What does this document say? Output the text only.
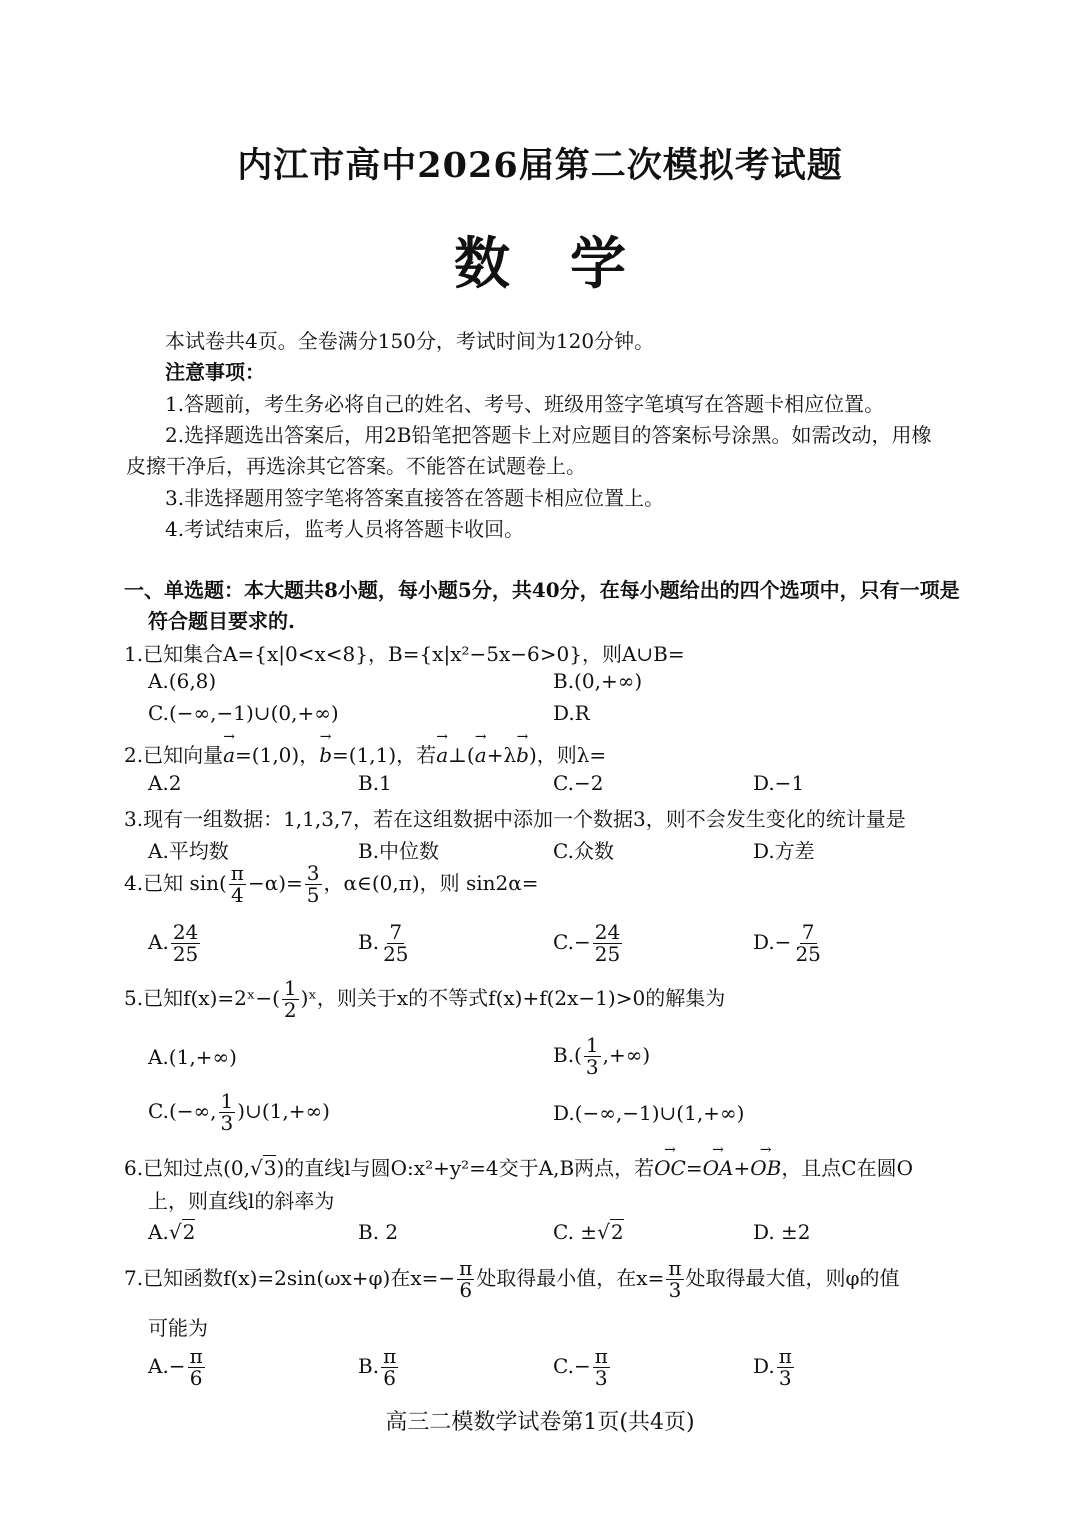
内江市高中2026届第二次模拟考试题
数学
本试卷共4页。全卷满分150分，考试时间为120分钟。
注意事项：
1.答题前，考生务必将自己的姓名、考号、班级用签字笔填写在答题卡相应位置。
2.选择题选出答案后，用2B铅笔把答题卡上对应题目的答案标号涂黑。如需改动，用橡
皮擦干净后，再选涂其它答案。不能答在试题卷上。
3.非选择题用签字笔将答案直接答在答题卡相应位置上。
4.考试结束后，监考人员将答题卡收回。
一、单选题：本大题共8小题，每小题5分，共40分，在每小题给出的四个选项中，只有一项是
符合题目要求的.
1.已知集合A={x|0<x<8}，B={x|x²−5x−6>0}，则A∪B=
A.(6,8)	B.(0,+∞)
C.(−∞,−1)∪(0,+∞)	D.R
2.已知向量→ a=(1,0)，→ b=(1,1)，若→ a⊥(→ a+λ→ b)，则λ=
A.2	B.1	C.−2	D.−1
3.现有一组数据：1,1,3,7，若在这组数据中添加一个数据3，则不会发生变化的统计量是
A.平均数	B.中位数	C.众数	D.方差
4.已知 $\sin( \frac{\pi}{4} -\alpha)= \frac{3}{5}$ ，α∈(0,π)，则 sin2α=
A. $\frac{24}{25}$	B. $\frac{7}{25}$	$C.- \frac{24}{25}$	$D.- \frac{7}{25}$
5.已知f(x)=2ˣ−( $\frac{1}{2}$ )ˣ，则关于x的不等式f(x)+f(2x−1)>0的解集为
A.(1,+∞)	$B.( \frac{1}{3}$ ,+∞)
C.(−∞, $\frac{1}{3}$ )∪(1,+∞)	D.(−∞,−1)∪(1,+∞)
6.已知过点(0,√3)的直线l与圆O:x²+y²=4交于A,B两点，若→ OC=→ OA+→ OB，且点C在圆O
上，则直线l的斜率为
A.√2	B. 2	C. ±√2	D. ±2
7.已知函数f(x)=2sin(ωx+φ)在$x=- \frac{\pi}{6}$ 处取得最小值，在$x= \frac{\pi}{3}$ 处取得最大值，则φ的值
可能为
$A.- \frac{\pi}{6}$	B. $\frac{\pi}{6}$	$C.- \frac{\pi}{3}$	D. $\frac{\pi}{3}$
高三二模数学试卷第1页(共4页)
